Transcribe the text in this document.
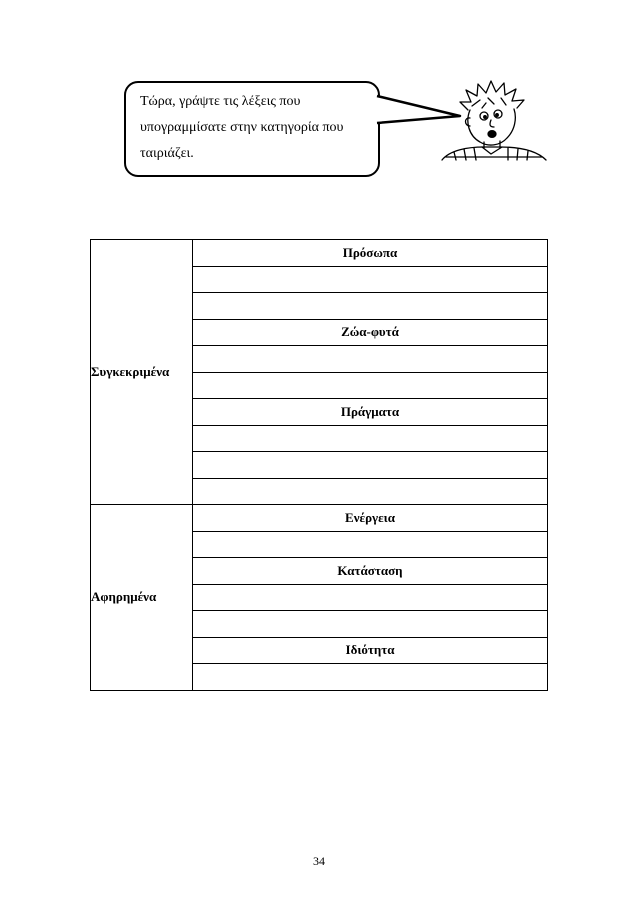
Τώρα, γράψτε τις λέξεις που
υπογραμμίσατε στην κατηγορία που
ταιριάζει.
Συγκεκριμένα	Πρόσωπα

	Ζώα-φυτά

	Πράγματα

Αφηρημένα	Ενέργεια

	Κατάσταση

	Ιδιότητα

34
